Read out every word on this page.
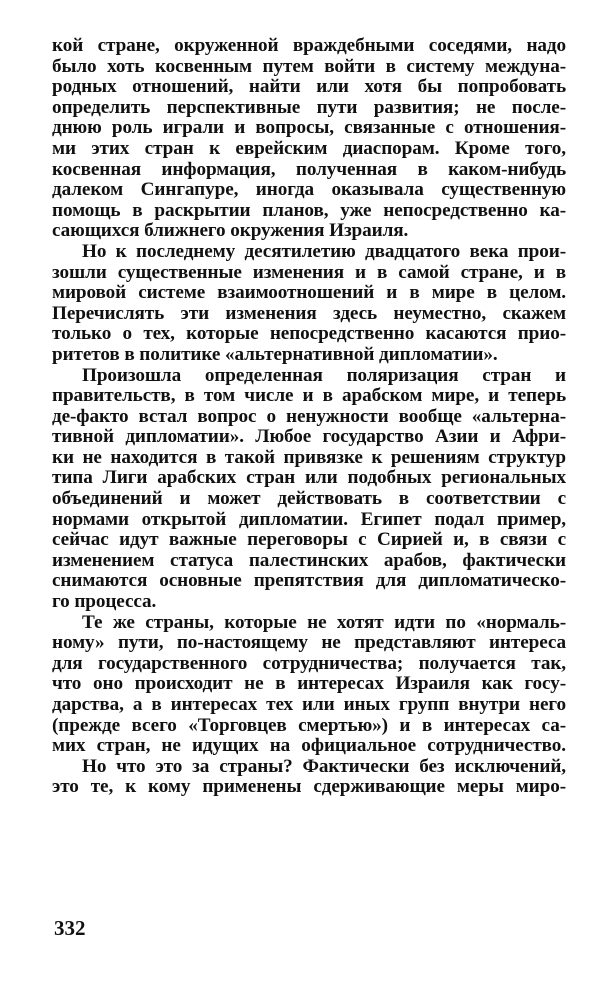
кой стране, окруженной враждебными соседями, надо
было хоть косвенным путем войти в систему междуна-
родных отношений, найти или хотя бы попробовать
определить перспективные пути развития; не после-
днюю роль играли и вопросы, связанные с отношения-
ми этих стран к еврейским диаспорам. Кроме того,
косвенная информация, полученная в каком-нибудь
далеком Сингапуре, иногда оказывала существенную
помощь в раскрытии планов, уже непосредственно ка-
сающихся ближнего окружения Израиля.
Но к последнему десятилетию двадцатого века прои-
зошли существенные изменения и в самой стране, и в
мировой системе взаимоотношений и в мире в целом.
Перечислять эти изменения здесь неуместно, скажем
только о тех, которые непосредственно касаются прио-
ритетов в политике «альтернативной дипломатии».
Произошла определенная поляризация стран и
правительств, в том числе и в арабском мире, и теперь
де-факто встал вопрос о ненужности вообще «альтерна-
тивной дипломатии». Любое государство Азии и Афри-
ки не находится в такой привязке к решениям структур
типа Лиги арабских стран или подобных региональных
объединений и может действовать в соответствии с
нормами открытой дипломатии. Египет подал пример,
сейчас идут важные переговоры с Сирией и, в связи с
изменением статуса палестинских арабов, фактически
снимаются основные препятствия для дипломатическо-
го процесса.
Те же страны, которые не хотят идти по «нормаль-
ному» пути, по-настоящему не представляют интереса
для государственного сотрудничества; получается так,
что оно происходит не в интересах Израиля как госу-
дарства, а в интересах тех или иных групп внутри него
(прежде всего «Торговцев смертью») и в интересах са-
мих стран, не идущих на официальное сотрудничество.
Но что это за страны? Фактически без исключений,
это те, к кому применены сдерживающие меры миро-
332
